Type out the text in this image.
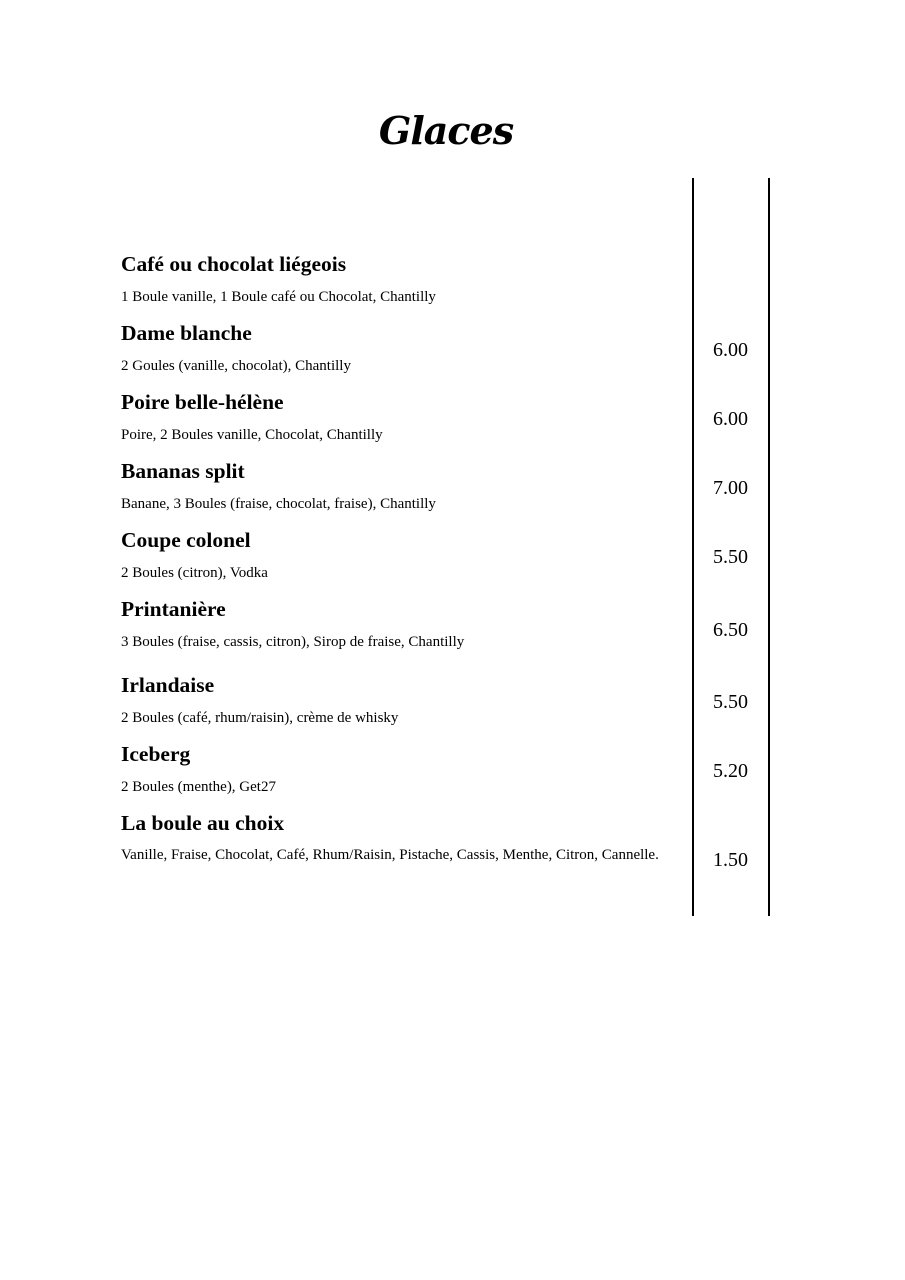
Glaces
Café ou chocolat liégeois
1 Boule vanille, 1 Boule café ou Chocolat, Chantilly
6.00
Dame blanche
2 Goules (vanille, chocolat), Chantilly
6.00
Poire belle-hélène
Poire, 2 Boules vanille, Chocolat, Chantilly
7.00
Bananas split
Banane, 3 Boules (fraise, chocolat, fraise), Chantilly
5.50
Coupe colonel
2 Boules (citron), Vodka
6.50
Printanière
3 Boules (fraise, cassis, citron), Sirop de fraise, Chantilly
5.50
Irlandaise
2 Boules (café, rhum/raisin), crème de whisky
5.20
Iceberg
2 Boules (menthe), Get27
1.50
La boule au choix
Vanille, Fraise, Chocolat, Café, Rhum/Raisin, Pistache, Cassis, Menthe, Citron, Cannelle.
